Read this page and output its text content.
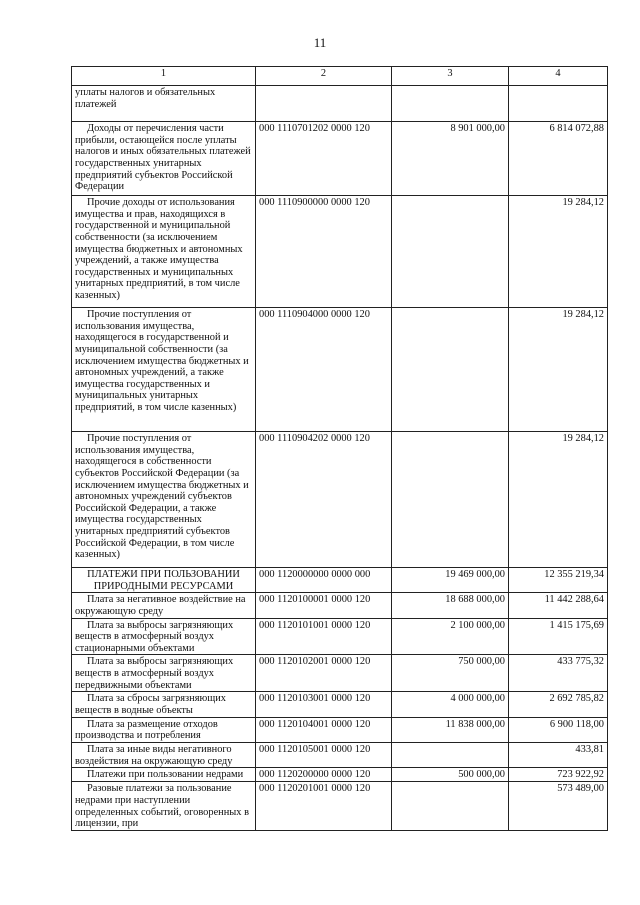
11
1	2	3	4
уплаты налогов и обязательных платежей			
Доходы от перечисления части прибыли, остающейся после уплаты налогов и иных обязательных платежей государственных унитарных предприятий субъектов Российской Федерации	000 1110701202 0000 120	8 901 000,00	6 814 072,88
Прочие доходы от использования имущества и прав, находящихся в государственной и муниципальной собственности (за исключением имущества бюджетных и автономных учреждений, а также имущества государственных и муниципальных унитарных предприятий, в том числе казенных)	000 1110900000 0000 120		19 284,12
Прочие поступления от использования имущества, находящегося в государственной и муниципальной собственности (за исключением имущества бюджетных и автономных учреждений, а также имущества государственных и муниципальных унитарных предприятий, в том числе казенных)	000 1110904000 0000 120		19 284,12
Прочие поступления от использования имущества, находящегося в собственности субъектов Российской Федерации (за исключением имущества бюджетных и автономных учреждений субъектов Российской Федерации, а также имущества государственных унитарных предприятий субъектов Российской Федерации, в том числе казенных)	000 1110904202 0000 120		19 284,12
ПЛАТЕЖИ ПРИ ПОЛЬЗОВАНИИ ПРИРОДНЫМИ РЕСУРСАМИ	000 1120000000 0000 000	19 469 000,00	12 355 219,34
Плата за негативное воздействие на окружающую среду	000 1120100001 0000 120	18 688 000,00	11 442 288,64
Плата за выбросы загрязняющих веществ в атмосферный воздух стационарными объектами	000 1120101001 0000 120	2 100 000,00	1 415 175,69
Плата за выбросы загрязняющих веществ в атмосферный воздух передвижными объектами	000 1120102001 0000 120	750 000,00	433 775,32
Плата за сбросы загрязняющих веществ в водные объекты	000 1120103001 0000 120	4 000 000,00	2 692 785,82
Плата за размещение отходов производства и потребления	000 1120104001 0000 120	11 838 000,00	6 900 118,00
Плата за иные виды негативного воздействия на окружающую среду	000 1120105001 0000 120		433,81
Платежи при пользовании недрами	000 1120200000 0000 120	500 000,00	723 922,92
Разовые платежи за пользование недрами при наступлении определенных событий, оговоренных в лицензии, при	000 1120201001 0000 120		573 489,00
